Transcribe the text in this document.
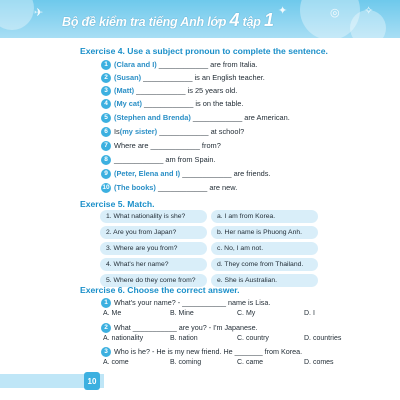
✈	✦	◎ ✧
Bộ đề kiểm tra tiếng Anh lớp 4 tập 1
Exercise 4. Use a subject pronoun to complete the sentence.
1 (Clara and I) ____________ are from Italia.
2 (Susan) ____________ is an English teacher.
3 (Matt) ____________ is 25 years old.
4 (My cat) ____________ is on the table.
5 (Stephen and Brenda) ____________ are American.
6 Is (my sister) ____________ at school?
7 Where are ____________ from?
8 ____________ am from Spain.
9 (Peter, Elena and I) ____________ are friends.
10 (The books) ____________ are new.
Exercise 5. Match.
1. What nationality is she?	a. I am from Korea.
2. Are you from Japan?	b. Her name is Phuong Anh.
3. Where are you from?	c. No, I am not.
4. What's her name?	d. They come from Thailand.
5. Where do they come from?	e. She is Australian.
Exercise 6. Choose the correct answer.
1 What's your name? - ___________ name is Lisa.
A. Me	B. Mine	C. My	D. I
2 What ___________ are you? - I'm Japanese.
A. nationality	B. nation	C. country	D. countries
3 Who is he? - He is my new friend. He _______ from Korea.
A. come	B. coming	C. came	D. comes
10
